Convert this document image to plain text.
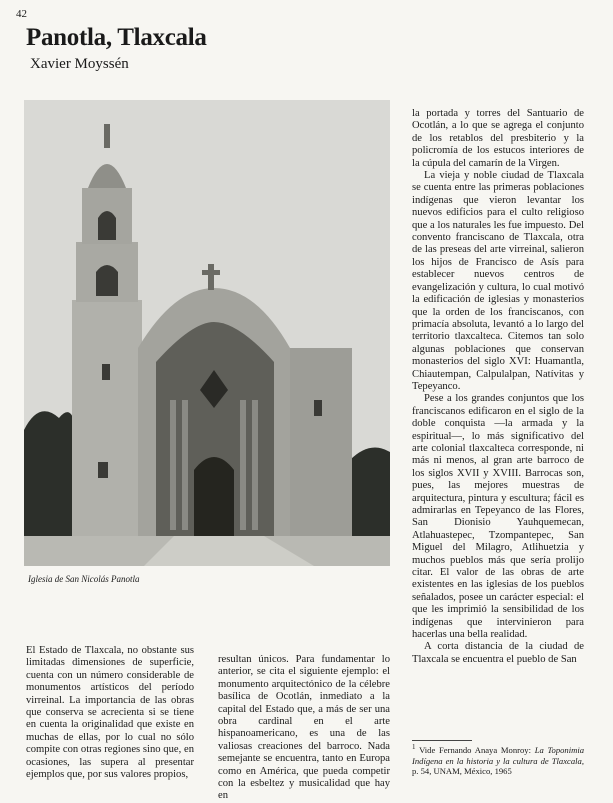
42
Panotla, Tlaxcala
Xavier Moyssén
Iglesia de San Nicolás Panotla

la portada y torres del Santuario de Ocotlán, a lo que se agrega el conjunto de los retablos del presbiterio y la policromía de los estucos interiores de la cúpula del camarín de la Virgen.

La vieja y noble ciudad de Tlaxcala se cuenta entre las primeras poblaciones indígenas que vieron levantar los nuevos edificios para el culto religioso que a los naturales les fue impuesto. Del convento franciscano de Tlaxcala, otra de las preseas del arte virreinal, salieron los hijos de Francisco de Asís para establecer nuevos centros de evangelización y cultura, lo cual motivó la edificación de iglesias y monasterios que la orden de los franciscanos, con primacía absoluta, levantó a lo largo del territorio tlaxcalteca. Citemos tan solo algunas poblaciones que conservan monasterios del siglo XVI: Huamantla, Chiautempan, Calpulalpan, Natívitas y Tepeyanco.

Pese a los grandes conjuntos que los franciscanos edificaron en el siglo de la doble conquista —la armada y la espiritual—, lo más significativo del arte colonial tlaxcalteca corresponde, ni más ni menos, al gran arte barroco de los siglos XVII y XVIII. Barrocas son, pues, las mejores muestras de arquitectura, pintura y escultura; fácil es admirarlas en Tepeyanco de las Flores, San Dionisio Yauhquemecan, Atlahuastepec, Tzompantepec, San Miguel del Milagro, Atlihuetzia y muchos pueblos más que sería prolijo citar. El valor de las obras de arte existentes en las iglesias de los pueblos señalados, posee un carácter especial: el que les imprimió la sensibilidad de los indígenas que intervinieron para hacerlas una bella realidad.

A corta distancia de la ciudad de Tlaxcala se encuentra el pueblo de San

El Estado de Tlaxcala, no obstante sus limitadas dimensiones de superficie, cuenta con un número considerable de monumentos artísticos del período virreinal. La importancia de las obras que conserva se acrecienta si se tiene en cuenta la originalidad que existe en muchas de ellas, por lo cual no sólo compite con otras regiones sino que, en ocasiones, las supera al presentar ejemplos que, por sus valores propios,

resultan únicos. Para fundamentar lo anterior, se cita el siguiente ejemplo: el monumento arquitectónico de la célebre basílica de Ocotlán, inmediato a la capital del Estado que, a más de ser una obra cardinal en el arte hispanoamericano, es una de las valiosas creaciones del barroco. Nada semejante se encuentra, tanto en Europa como en América, que pueda competir con la esbeltez y musicalidad que hay en

$^1$ Vide Fernando Anaya Monroy: La Toponimia Indígena en la historia y la cultura de Tlaxcala, p. 54, UNAM, México, 1965
